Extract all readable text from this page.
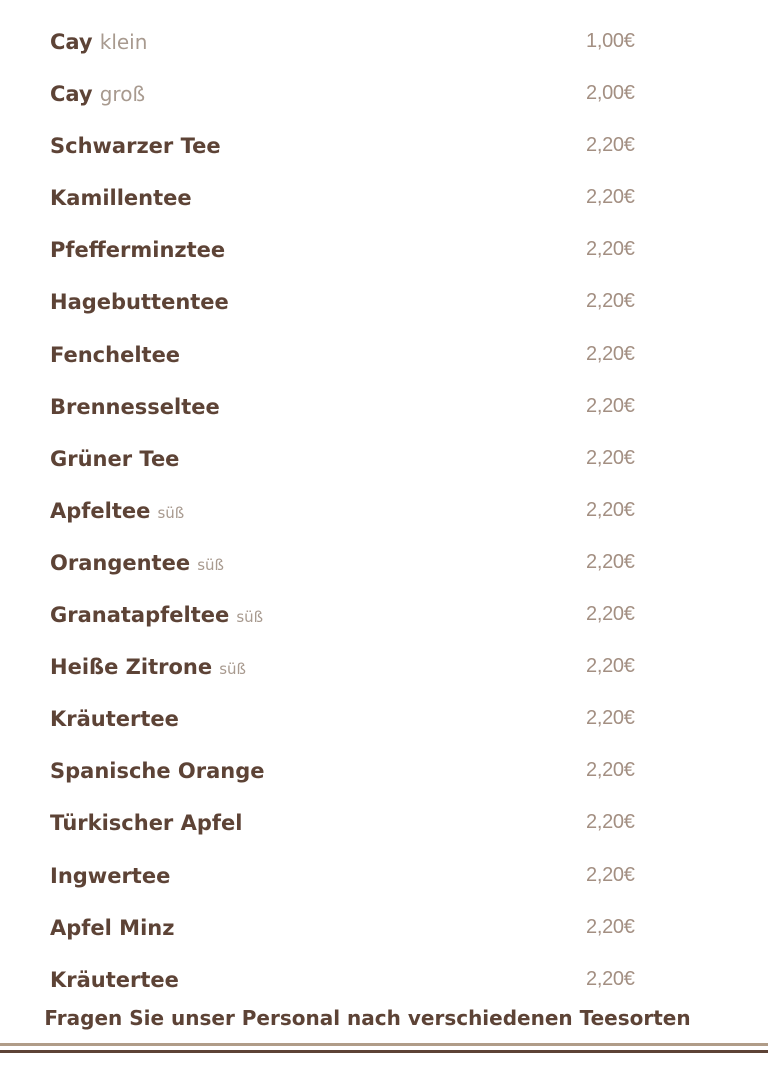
Cay klein	1,00€
Cay groß	2,00€
Schwarzer Tee	2,20€
Kamillentee	2,20€
Pfefferminztee	2,20€
Hagebuttentee	2,20€
Fencheltee	2,20€
Brennesseltee	2,20€
Grüner Tee	2,20€
Apfeltee süß	2,20€
Orangentee süß	2,20€
Granatapfeltee süß	2,20€
Heiße Zitrone süß	2,20€
Kräutertee	2,20€
Spanische Orange	2,20€
Türkischer Apfel	2,20€
Ingwertee	2,20€
Apfel Minz	2,20€
Kräutertee	2,20€
Fragen Sie unser Personal nach verschiedenen Teesorten
